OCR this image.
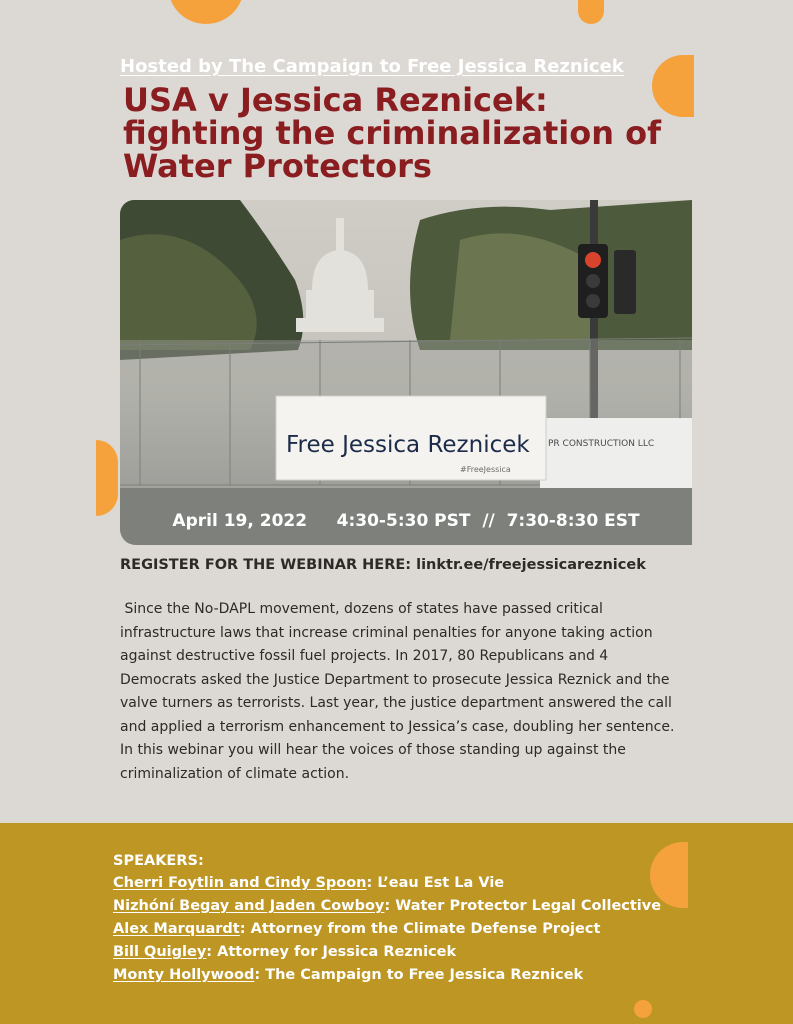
Hosted by The Campaign to Free Jessica Reznicek
USA v Jessica Reznicek: fighting the criminalization of Water Protectors
PR CONSTRUCTION LLC
Free Jessica Reznicek
#FreeJessica
April 19, 2022     4:30-5:30 PST  //  7:30-8:30 EST
REGISTER FOR THE WEBINAR HERE: linktr.ee/freejessicareznicek

Since the No-DAPL movement, dozens of states have passed critical infrastructure laws that increase criminal penalties for anyone taking action against destructive fossil fuel projects. In 2017, 80 Republicans and 4 Democrats asked the Justice Department to prosecute Jessica Reznick and the valve turners as terrorists. Last year, the justice department answered the call and applied a terrorism enhancement to Jessica’s case, doubling her sentence. In this webinar you will hear the voices of those standing up against the criminalization of climate action.

SPEAKERS:
Cherri Foytlin and Cindy Spoon: L’eau Est La Vie
Nizhóní Begay and Jaden Cowboy: Water Protector Legal Collective
Alex Marquardt: Attorney from the Climate Defense Project
Bill Quigley: Attorney for Jessica Reznicek
Monty Hollywood: The Campaign to Free Jessica Reznicek
